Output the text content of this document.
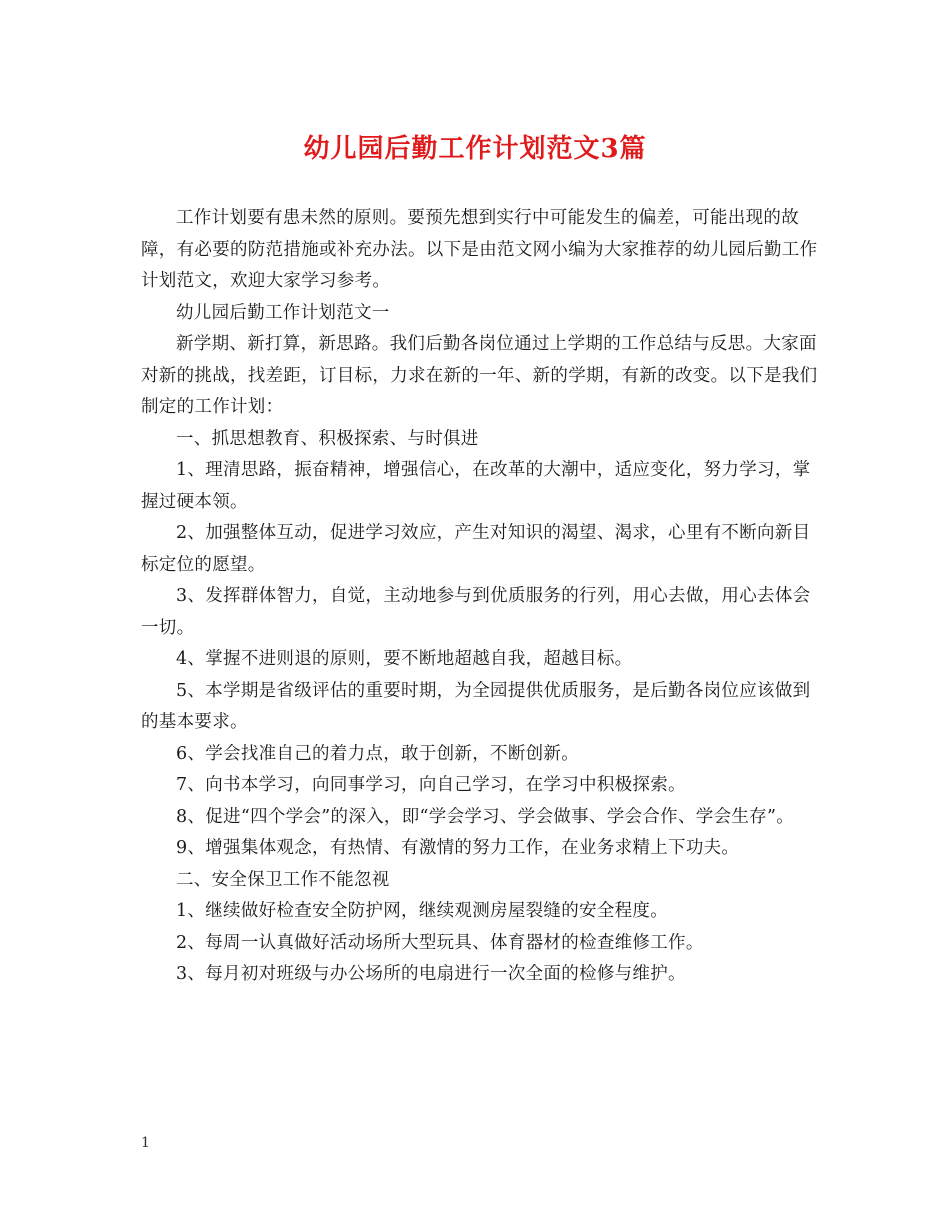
幼儿园后勤工作计划范文3篇

工作计划要有患未然的原则。要预先想到实行中可能发生的偏差，可能出现的故障，有必要的防范措施或补充办法。以下是由范文网小编为大家推荐的幼儿园后勤工作计划范文，欢迎大家学习参考。

幼儿园后勤工作计划范文一

新学期、新打算，新思路。我们后勤各岗位通过上学期的工作总结与反思。大家面对新的挑战，找差距，订目标，力求在新的一年、新的学期，有新的改变。以下是我们制定的工作计划：

一、抓思想教育、积极探索、与时俱进

1、理清思路，振奋精神，增强信心，在改革的大潮中，适应变化，努力学习，掌握过硬本领。

2、加强整体互动，促进学习效应，产生对知识的渴望、渴求，心里有不断向新目标定位的愿望。

3、发挥群体智力，自觉，主动地参与到优质服务的行列，用心去做，用心去体会一切。

4、掌握不进则退的原则，要不断地超越自我，超越目标。

5、本学期是省级评估的重要时期，为全园提供优质服务，是后勤各岗位应该做到的基本要求。

6、学会找准自己的着力点，敢于创新，不断创新。

7、向书本学习，向同事学习，向自己学习，在学习中积极探索。

8、促进“四个学会”的深入，即“学会学习、学会做事、学会合作、学会生存”。

9、增强集体观念，有热情、有激情的努力工作，在业务求精上下功夫。

二、安全保卫工作不能忽视

1、继续做好检查安全防护网，继续观测房屋裂缝的安全程度。

2、每周一认真做好活动场所大型玩具、体育器材的检查维修工作。

3、每月初对班级与办公场所的电扇进行一次全面的检修与维护。

1
